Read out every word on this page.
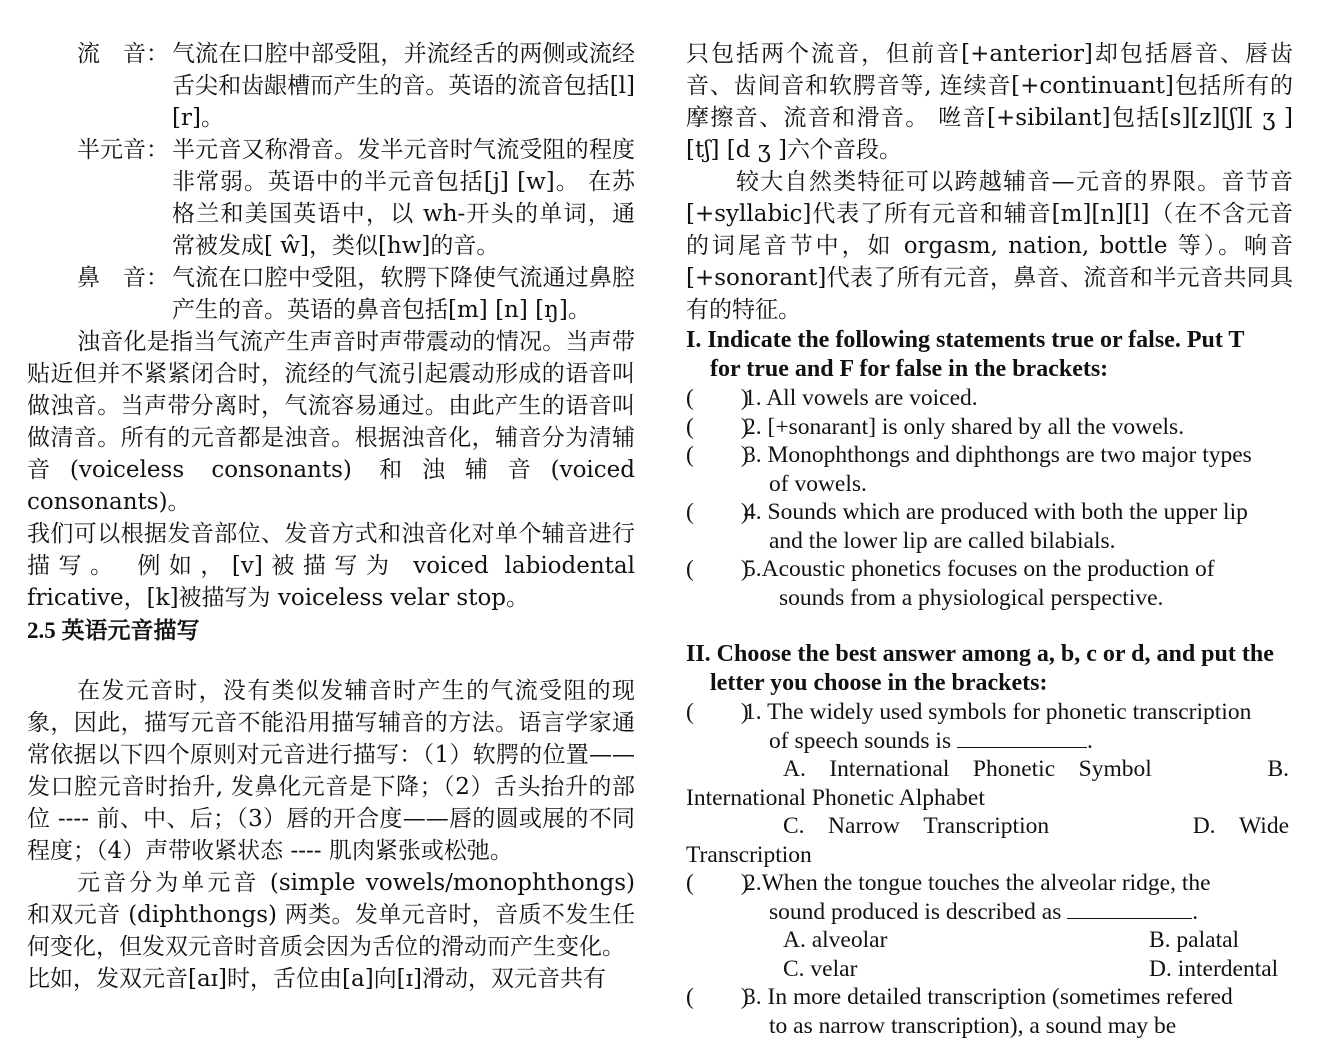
流　音： 气流在口腔中部受阻，并流经舌的两侧或流经舌尖和齿龈槽而产生的音。英语的流音包括[l] [r]。
半元音： 半元音又称滑音。发半元音时气流受阻的程度非常弱。英语中的半元音包括[j] [w]。 在苏格兰和美国英语中，以 wh-开头的单词，通常被发成[ ŵ]，类似[hw]的音。
鼻　音： 气流在口腔中受阻，软腭下降使气流通过鼻腔产生的音。英语的鼻音包括[m] [n] [ŋ]。

浊音化是指当气流产生声音时声带震动的情况。当声带贴近但并不紧紧闭合时，流经的气流引起震动形成的语音叫做浊音。当声带分离时，气流容易通过。由此产生的语音叫做清音。所有的元音都是浊音。根据浊音化，辅音分为清辅音(voiceless consonants) 和浊辅音(voiced consonants)。

我们可以根据发音部位、发音方式和浊音化对单个辅音进行描写。 例如，[v]被描写为 voiced labiodental fricative，[k]被描写为 voiceless velar stop。

2.5 英语元音描写

在发元音时，没有类似发辅音时产生的气流受阻的现象，因此，描写元音不能沿用描写辅音的方法。语言学家通常依据以下四个原则对元音进行描写：（1）软腭的位置——发口腔元音时抬升, 发鼻化元音是下降；（2）舌头抬升的部位 ---- 前、中、后；（3）唇的开合度——唇的圆或展的不同程度；（4）声带收紧状态 ---- 肌肉紧张或松弛。

元音分为单元音 (simple vowels/monophthongs) 和双元音 (diphthongs) 两类。发单元音时，音质不发生任何变化，但发双元音时音质会因为舌位的滑动而产生变化。

比如，发双元音[aɪ]时，舌位由[a]向[ɪ]滑动，双元音共有

只包括两个流音，但前音[+anterior]却包括唇音、唇齿音、齿间音和软腭音等, 连续音[+continuant]包括所有的摩擦音、流音和滑音。 咝音[+sibilant]包括[s][z][ʃ][ ʒ ] [tʃ] [d ʒ ]六个音段。

较大自然类特征可以跨越辅音—元音的界限。音节音[+syllabic]代表了所有元音和辅音[m][n][l]（在不含元音的词尾音节中，如 orgasm, nation, bottle 等）。响音[+sonorant]代表了所有元音，鼻音、流音和半元音共同具有的特征。

I. Indicate the following statements true or false. Put T
for true and F for false in the brackets:
(　　)
1. All vowels are voiced.
(　　)
2. [+sonarant] is only shared by all the vowels.
(　　)
3. Monophthongs and diphthongs are two major types
of vowels.
(　　)
4. Sounds which are produced with both the upper lip
and the lower lip are called bilabials.
(　　)
5.Acoustic phonetics focuses on the production of
sounds from a physiological perspective.
II. Choose the best answer among a, b, c or d, and put the
letter you choose in the brackets:
(　　)
1. The widely used symbols for phonetic transcription
of speech sounds is	.
A.　International　Phonetic　Symbol	B.
International Phonetic Alphabet
C.　Narrow　Transcription	D.　Wide
Transcription
(　　)
2.When the tongue touches the alveolar ridge, the
sound produced is described as	.
A. alveolar	B. palatal
C. velar	D. interdental
(　　)
3. In more detailed transcription (sometimes refered
to as narrow transcription), a sound may be
